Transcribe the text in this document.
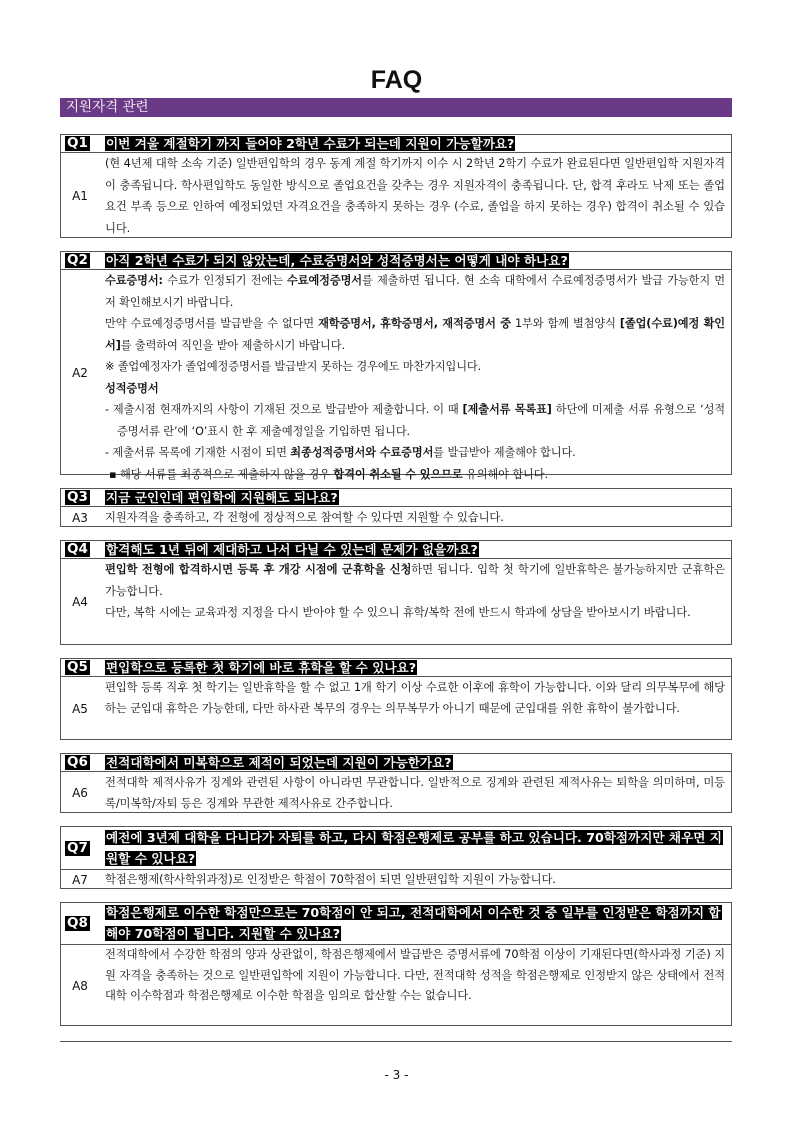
FAQ
지원자격 관련
Q1	이번 겨울 계절학기 까지 들어야 2학년 수료가 되는데 지원이 가능할까요?
A1
(현 4년제 대학 소속 기준) 일반편입학의 경우 동계 계절 학기까지 이수 시 2학년 2학기 수료가 완료된다면 일반편입학 지원자격이 충족됩니다. 학사편입학도 동일한 방식으로 졸업요건을 갖추는 경우 지원자격이 충족됩니다. 단, 합격 후라도 낙제 또는 졸업요건 부족 등으로 인하여 예정되었던 자격요건을 충족하지 못하는 경우 (수료, 졸업을 하지 못하는 경우) 합격이 취소될 수 있습니다.
Q2	아직 2학년 수료가 되지 않았는데, 수료증명서와 성적증명서는 어떻게 내야 하나요?
A2

수료증명서: 수료가 인정되기 전에는 수료예정증명서를 제출하면 됩니다. 현 소속 대학에서 수료예정증명서가 발급 가능한지 먼저 확인해보시기 바랍니다.

만약 수료예정증명서를 발급받을 수 없다면 재학증명서, 휴학증명서, 재적증명서 중 1부와 함께 별첨양식 [졸업(수료)예정 확인서]를 출력하여 직인을 받아 제출하시기 바랍니다.

※ 졸업예정자가 졸업예정증명서를 발급받지 못하는 경우에도 마찬가지입니다.

성적증명서

- 제출시점 현재까지의 사항이 기재된 것으로 발급받아 제출합니다. 이 때 [제출서류 목록표] 하단에 미제출 서류 유형으로 ‘성적증명서류 란’에 ‘O’표시 한 후 제출예정일을 기입하면 됩니다.

- 제출서류 목록에 기재한 시점이 되면 최종성적증명서와 수료증명서를 발급받아 제출해야 합니다.

▪ 해당 서류를 최종적으로 제출하지 않을 경우 합격이 취소될 수 있으므로 유의해야 합니다.

Q3	지금 군인인데 편입학에 지원해도 되나요?
A3	지원자격을 충족하고, 각 전형에 정상적으로 참여할 수 있다면 지원할 수 있습니다.
Q4	합격해도 1년 뒤에 제대하고 나서 다닐 수 있는데 문제가 없을까요?
A4

편입학 전형에 합격하시면 등록 후 개강 시점에 군휴학을 신청하면 됩니다. 입학 첫 학기에 일반휴학은 불가능하지만 군휴학은 가능합니다.

다만, 복학 시에는 교육과정 지정을 다시 받아야 할 수 있으니 휴학/복학 전에 반드시 학과에 상담을 받아보시기 바랍니다.

Q5	편입학으로 등록한 첫 학기에 바로 휴학을 할 수 있나요?
A5
편입학 등록 직후 첫 학기는 일반휴학을 할 수 없고 1개 학기 이상 수료한 이후에 휴학이 가능합니다. 이와 달리 의무복무에 해당하는 군입대 휴학은 가능한데, 다만 하사관 복무의 경우는 의무복무가 아니기 때문에 군입대를 위한 휴학이 불가합니다.
Q6	전적대학에서 미복학으로 제적이 되었는데 지원이 가능한가요?
A6
전적대학 제적사유가 징계와 관련된 사항이 아니라면 무관합니다. 일반적으로 징계와 관련된 제적사유는 퇴학을 의미하며, 미등록/미복학/자퇴 등은 징계와 무관한 제적사유로 간주합니다.
Q7
예전에 3년제 대학을 다니다가 자퇴를 하고, 다시 학점은행제로 공부를 하고 있습니다. 70학점까지만 채우면 지원할 수 있나요?
A7	학점은행제(학사학위과정)로 인정받은 학점이 70학점이 되면 일반편입학 지원이 가능합니다.
Q8
학점은행제로 이수한 학점만으로는 70학점이 안 되고, 전적대학에서 이수한 것 중 일부를 인정받은 학점까지 합해야 70학점이 됩니다. 지원할 수 있나요?
A8
전적대학에서 수강한 학점의 양과 상관없이, 학점은행제에서 발급받은 증명서류에 70학점 이상이 기재된다면(학사과정 기준) 지원 자격을 충족하는 것으로 일반편입학에 지원이 가능합니다. 다만, 전적대학 성적을 학점은행제로 인정받지 않은 상태에서 전적대학 이수학점과 학점은행제로 이수한 학점을 임의로 합산할 수는 없습니다.
- 3 -
